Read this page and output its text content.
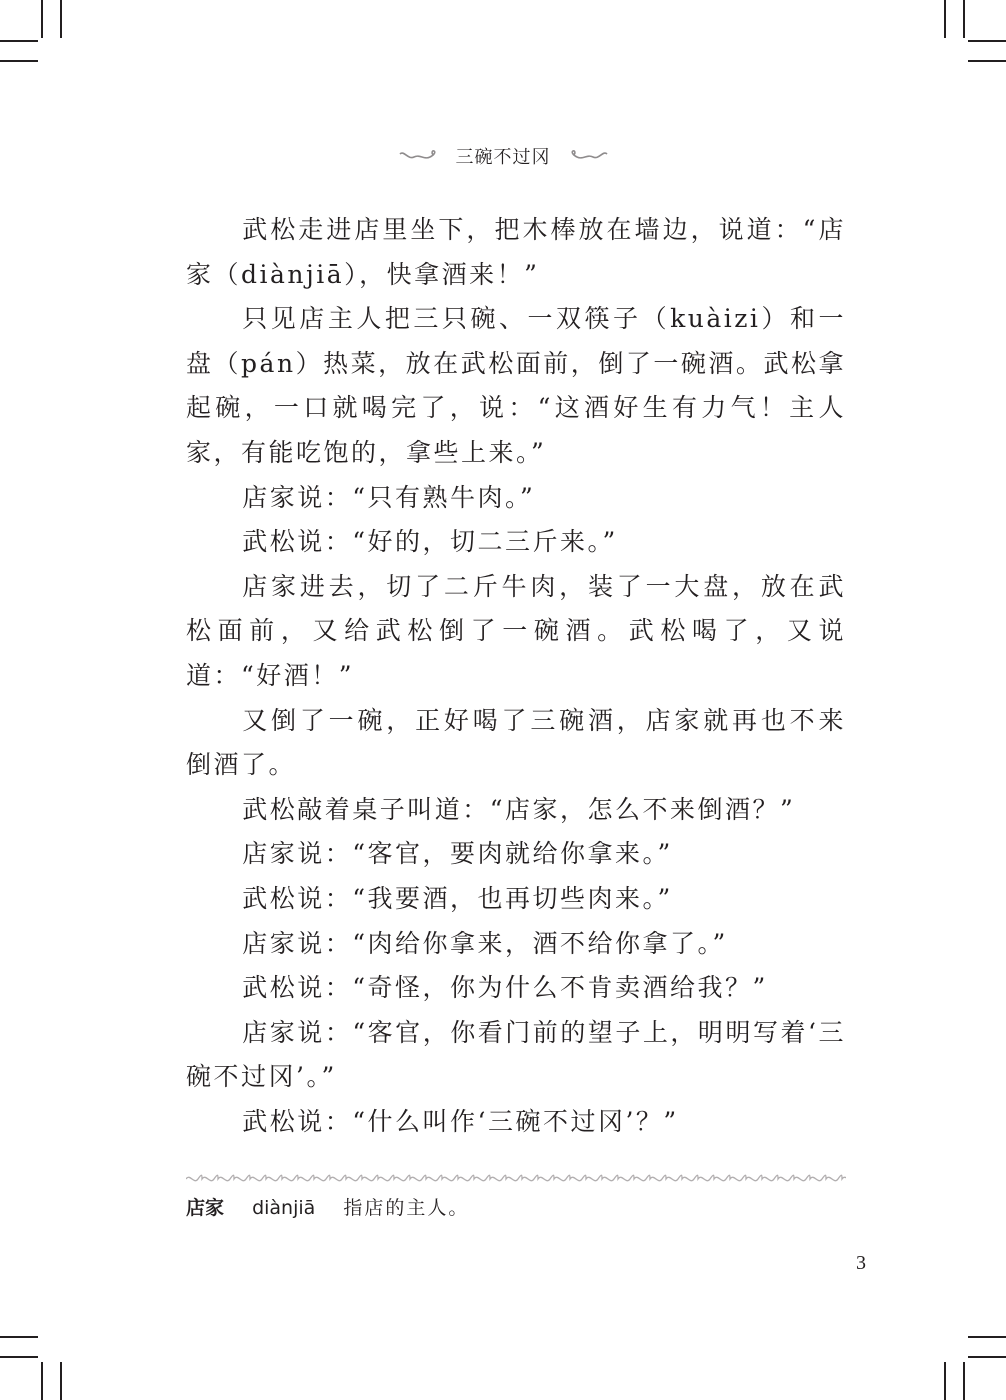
三碗不过冈

武松走进店里坐下，把木棒放在墙边，说道：“店家（diànjiā），快拿酒来！”

只见店主人把三只碗、一双筷子（kuàizi）和一盘（pán）热菜，放在武松面前，倒了一碗酒。武松拿起碗，一口就喝完了，说：“这酒好生有力气！主人家，有能吃饱的，拿些上来。”

店家说：“只有熟牛肉。”

武松说：“好的，切二三斤来。”

店家进去，切了二斤牛肉，装了一大盘，放在武松面前，又给武松倒了一碗酒。武松喝了，又说道：“好酒！”

又倒了一碗，正好喝了三碗酒，店家就再也不来倒酒了。

武松敲着桌子叫道：“店家，怎么不来倒酒？”

店家说：“客官，要肉就给你拿来。”

武松说：“我要酒，也再切些肉来。”

店家说：“肉给你拿来，酒不给你拿了。”

武松说：“奇怪，你为什么不肯卖酒给我？”

店家说：“客官，你看门前的望子上，明明写着‘三碗不过冈’。”

武松说：“什么叫作‘三碗不过冈’？”

店家 diànjiā 指店的主人。
3
